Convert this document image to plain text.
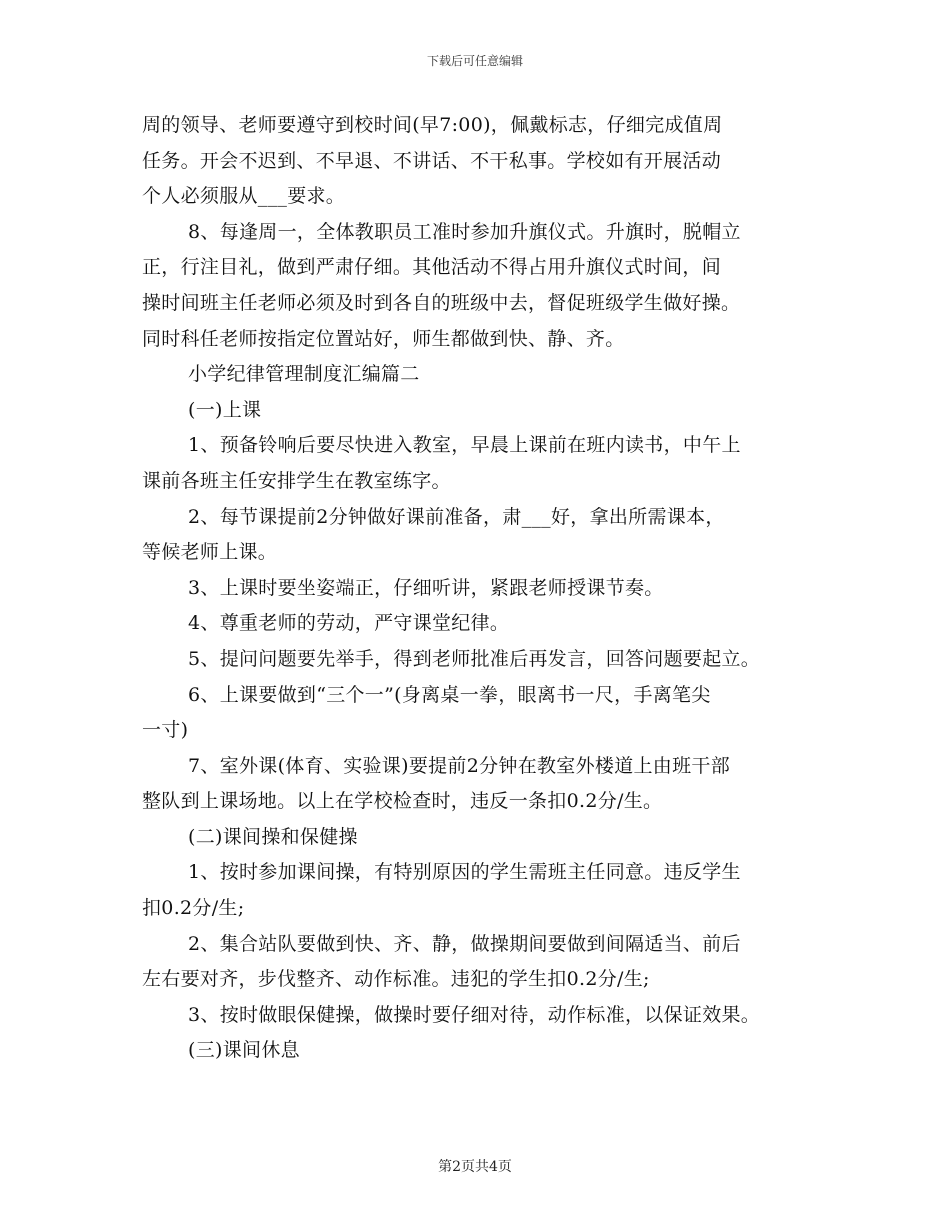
下载后可任意编辑
周的领导、老师要遵守到校时间(早7:00)，佩戴标志，仔细完成值周
任务。开会不迟到、不早退、不讲话、不干私事。学校如有开展活动
个人必须服从___要求。
8、每逢周一，全体教职员工准时参加升旗仪式。升旗时，脱帽立
正，行注目礼，做到严肃仔细。其他活动不得占用升旗仪式时间，间
操时间班主任老师必须及时到各自的班级中去，督促班级学生做好操。
同时科任老师按指定位置站好，师生都做到快、静、齐。
小学纪律管理制度汇编篇二
(一)上课
1、预备铃响后要尽快进入教室，早晨上课前在班内读书，中午上
课前各班主任安排学生在教室练字。
2、每节课提前2分钟做好课前准备，肃___好，拿出所需课本，
等候老师上课。
3、上课时要坐姿端正，仔细听讲，紧跟老师授课节奏。
4、尊重老师的劳动，严守课堂纪律。
5、提问问题要先举手，得到老师批准后再发言，回答问题要起立。
6、上课要做到“三个一”(身离桌一拳，眼离书一尺，手离笔尖
一寸)
7、室外课(体育、实验课)要提前2分钟在教室外楼道上由班干部
整队到上课场地。以上在学校检查时，违反一条扣0.2分/生。
(二)课间操和保健操
1、按时参加课间操，有特别原因的学生需班主任同意。违反学生
扣0.2分/生;
2、集合站队要做到快、齐、静，做操期间要做到间隔适当、前后
左右要对齐，步伐整齐、动作标准。违犯的学生扣0.2分/生;
3、按时做眼保健操，做操时要仔细对待，动作标准，以保证效果。
(三)课间休息
第2页共4页
